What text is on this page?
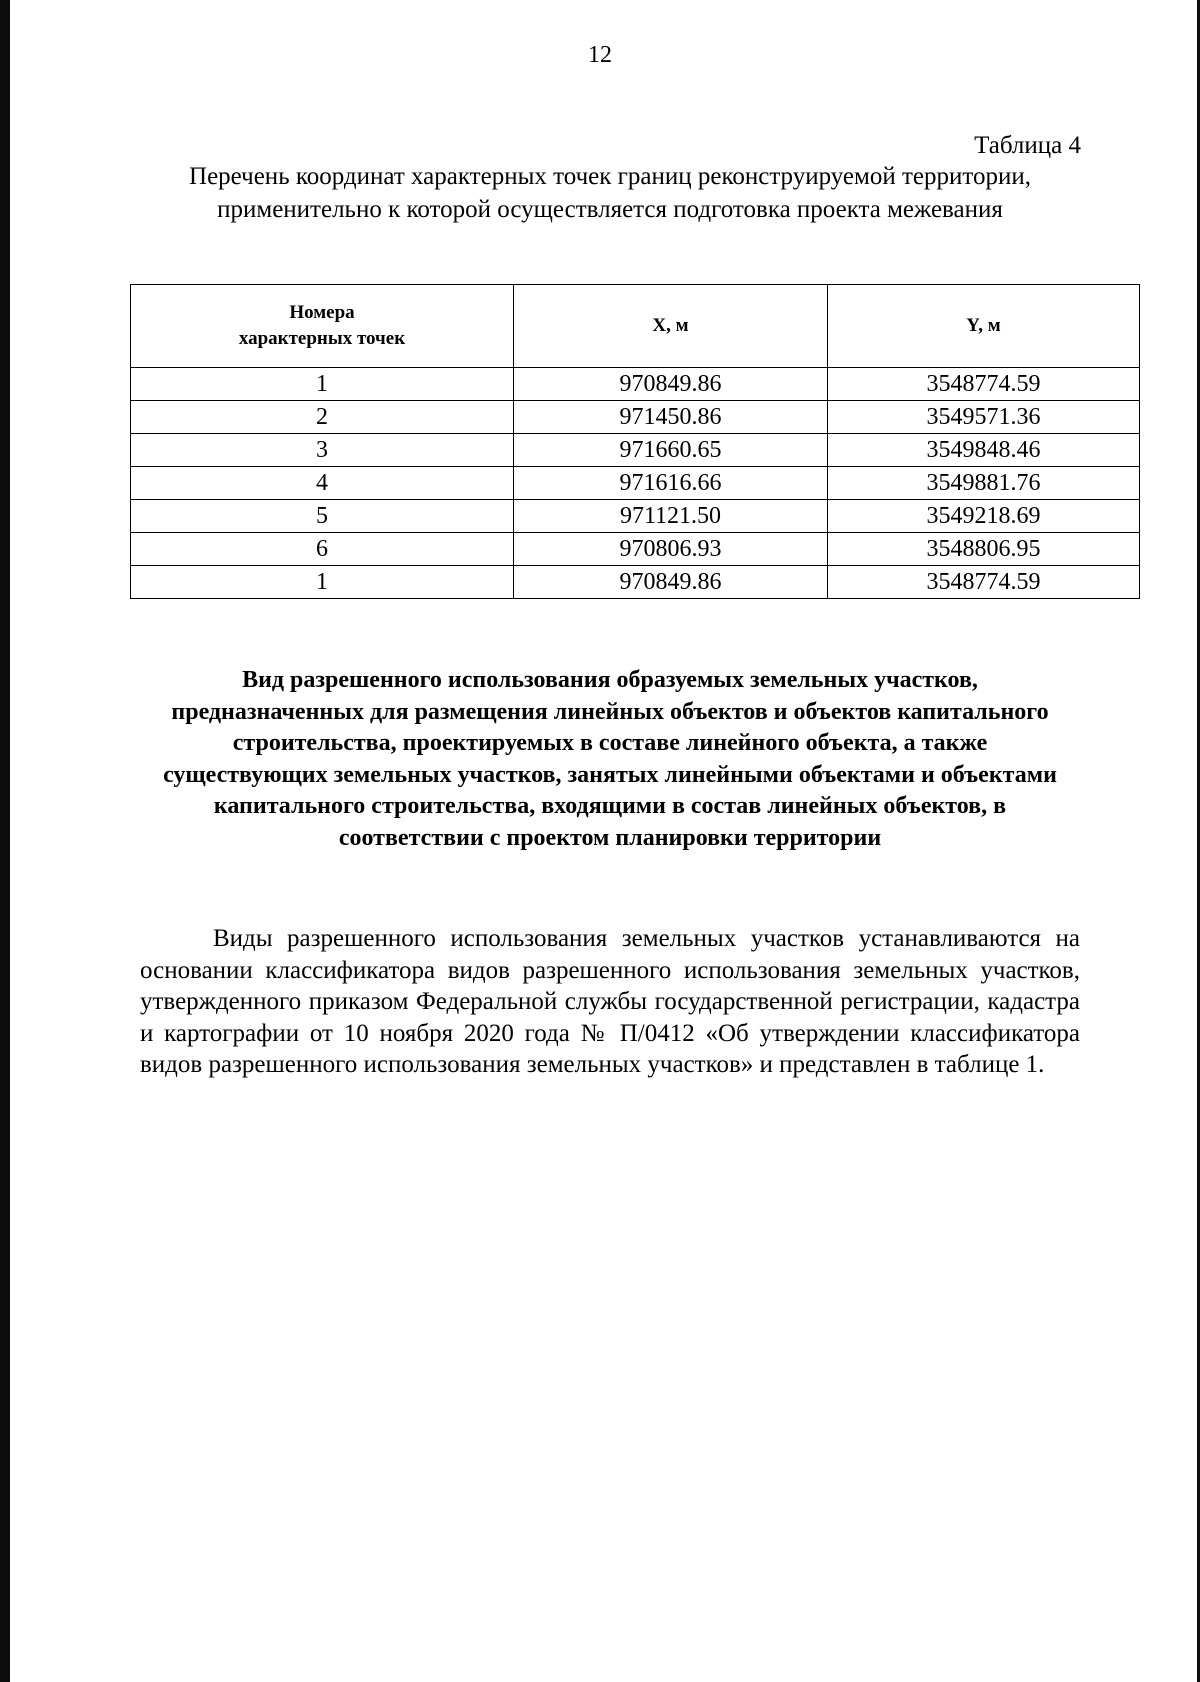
12
Таблица 4
Перечень координат характерных точек границ реконструируемой территории, применительно к которой осуществляется подготовка проекта межевания
Номера характерных точек	X, м	Y, м
1	970849.86	3548774.59
2	971450.86	3549571.36
3	971660.65	3549848.46
4	971616.66	3549881.76
5	971121.50	3549218.69
6	970806.93	3548806.95
1	970849.86	3548774.59
Вид разрешенного использования образуемых земельных участков, предназначенных для размещения линейных объектов и объектов капитального строительства, проектируемых в составе линейного объекта, а также существующих земельных участков, занятых линейными объектами и объектами капитального строительства, входящими в состав линейных объектов, в соответствии с проектом планировки территории
Виды разрешенного использования земельных участков устанавливаются на основании классификатора видов разрешенного использования земельных участков, утвержденного приказом Федеральной службы государственной регистрации, кадастра и картографии от 10 ноября 2020 года № П/0412 «Об утверждении классификатора видов разрешенного использования земельных участков» и представлен в таблице 1.
